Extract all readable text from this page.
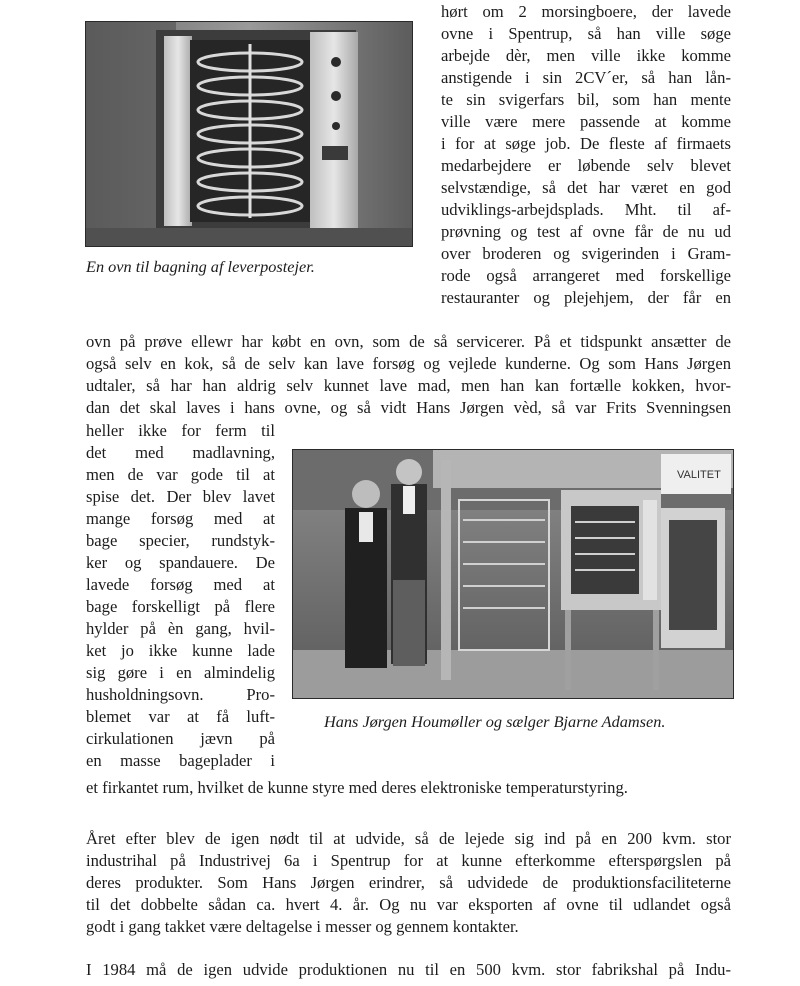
En ovn til bagning af leverpostejer.

hørt om 2 morsingboere, der lavede

ovne i Spentrup, så han ville søge

arbejde dèr, men ville ikke komme

anstigende i sin 2CV´er, så han lån-

te sin svigerfars bil, som han mente

ville være mere passende at komme

i for at søge job. De fleste af firmaets

medarbejdere er løbende selv blevet

selvstændige, så det har været en god

udviklings-arbejdsplads. Mht. til af-

prøvning og test af ovne får de nu ud

over broderen og svigerinden i Gram-

rode også arrangeret med forskellige

restauranter og plejehjem, der får en

ovn på prøve ellewr har købt en ovn, som de så servicerer. På et tidspunkt ansætter de

også selv en kok, så de selv kan lave forsøg og vejlede kunderne. Og som Hans Jørgen

udtaler, så har han aldrig selv kunnet lave mad, men han kan fortælle kokken, hvor-

dan det skal laves i hans ovne, og så vidt Hans Jørgen vèd, så var Frits Svenningsen

VALITET

Hans Jørgen Houmøller og sælger Bjarne Adamsen.

heller ikke for ferm til

det med madlavning,

men de var gode til at

spise det. Der blev lavet

mange forsøg med at

bage specier, rundstyk-

ker og spandauere. De

lavede forsøg med at

bage forskelligt på flere

hylder på èn gang, hvil-

ket jo ikke kunne lade

sig gøre i en almindelig

husholdningsovn. Pro-

blemet var at få luft-

cirkulationen jævn på

en masse bageplader i

et firkantet rum, hvilket de kunne styre med deres elektroniske temperaturstyring.

Året efter blev de igen nødt til at udvide, så de lejede sig ind på en 200 kvm. stor

industrihal på Industrivej 6a i Spentrup for at kunne efterkomme efterspørgslen på

deres produkter. Som Hans Jørgen erindrer, så udvidede de produktionsfaciliteterne

til det dobbelte sådan ca. hvert 4. år. Og nu var eksporten af ovne til udlandet også

godt i gang takket være deltagelse i messer og gennem kontakter.

I 1984 må de igen udvide produktionen nu til en 500 kvm. stor fabrikshal på Indu-
